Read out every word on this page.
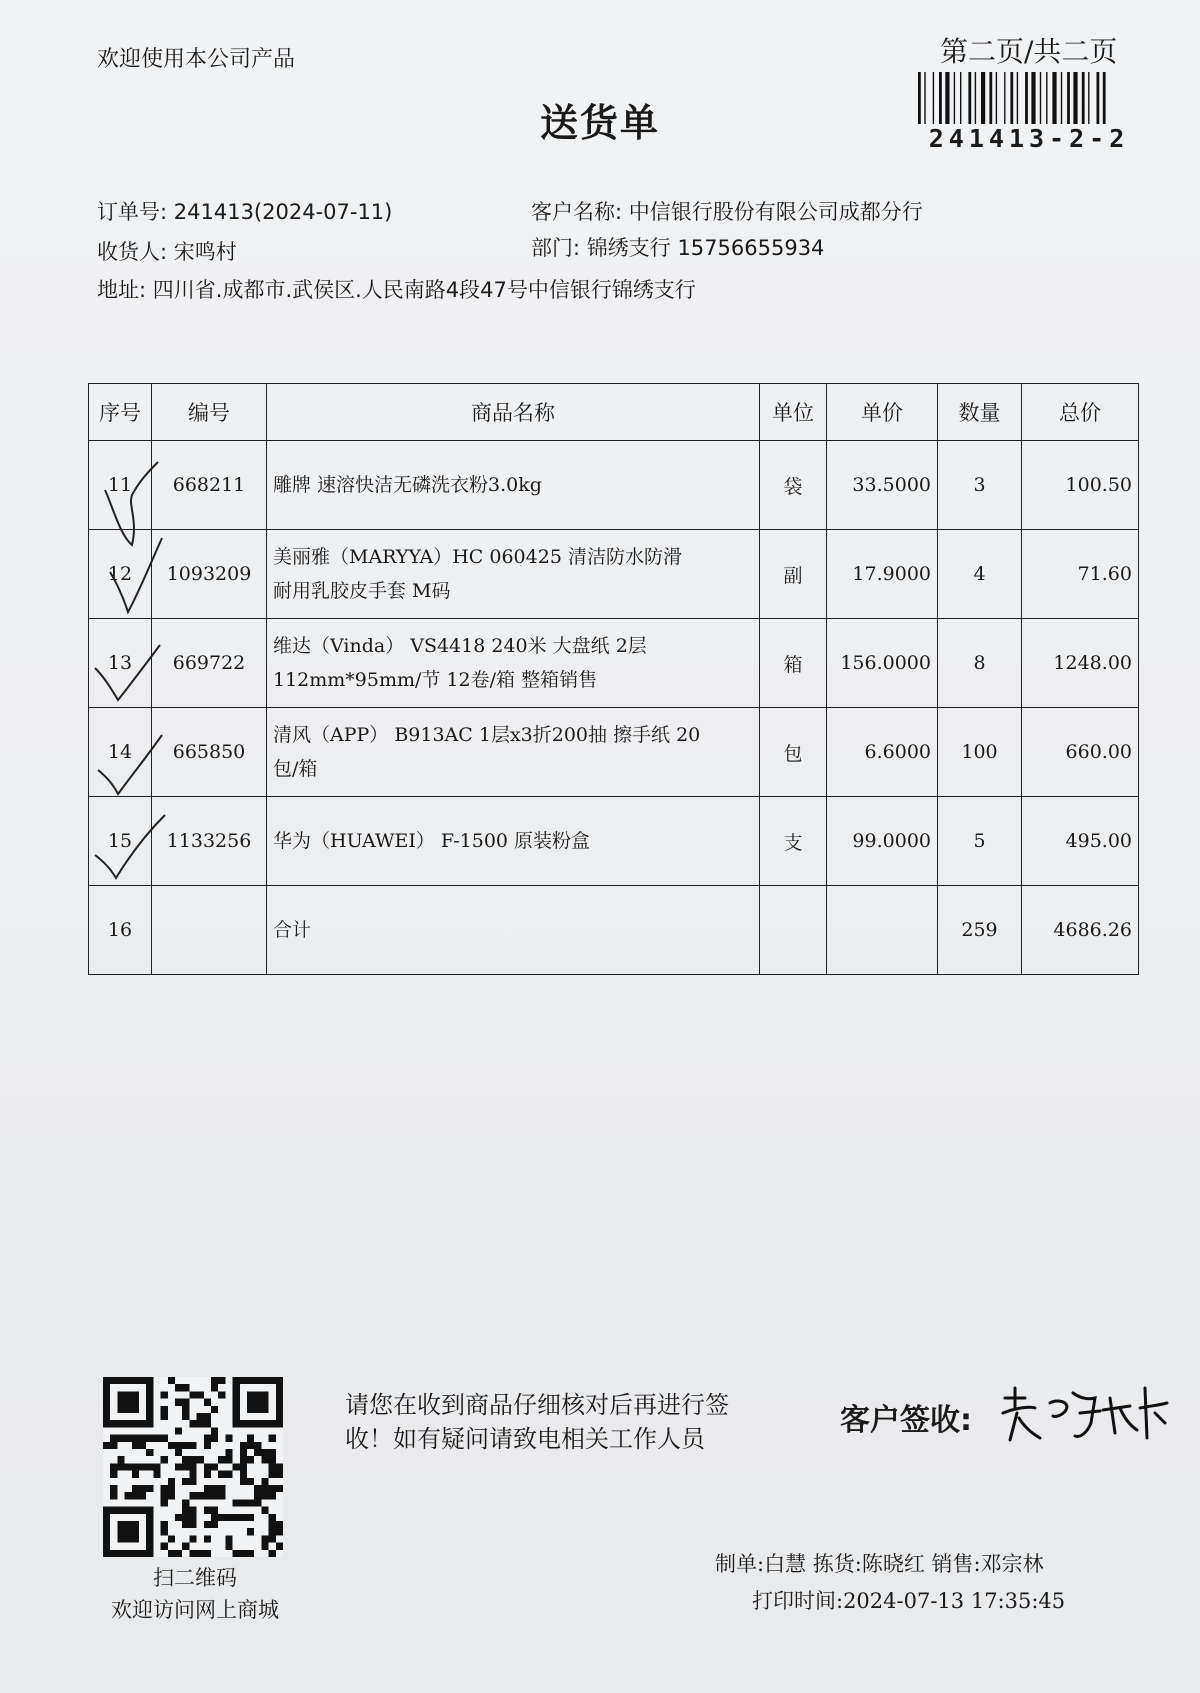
欢迎使用本公司产品
送货单
第二页/共二页
241413-2-2
订单号: 241413(2024-07-11)	客户名称: 中信银行股份有限公司成都分行
收货人: 宋鸣村	部门: 锦绣支行 15756655934
地址: 四川省.成都市.武侯区.人民南路4段47号中信银行锦绣支行
序号	编号	商品名称	单位	单价	数量	总价
11	668211	雕牌 速溶快洁无磷洗衣粉3.0kg	袋	33.5000	3	100.50
12	1093209	美丽雅（MARYYA）HC 060425 清洁防水防滑
耐用乳胶皮手套 M码	副	17.9000	4	71.60
13	669722	维达（Vinda） VS4418 240米 大盘纸 2层
112mm*95mm/节 12卷/箱 整箱销售	箱	156.0000	8	1248.00
14	665850	清风（APP） B913AC 1层x3折200抽 擦手纸 20
包/箱	包	6.6000	100	660.00
15	1133256	华为（HUAWEI） F-1500 原装粉盒	支	99.0000	5	495.00
16		合计			259	4686.26
扫二维码
欢迎访问网上商城
请您在收到商品仔细核对后再进行签收！如有疑问请致电相关工作人员
客户签收:
制单:白慧 拣货:陈晓红 销售:邓宗林
打印时间:2024-07-13 17:35:45
